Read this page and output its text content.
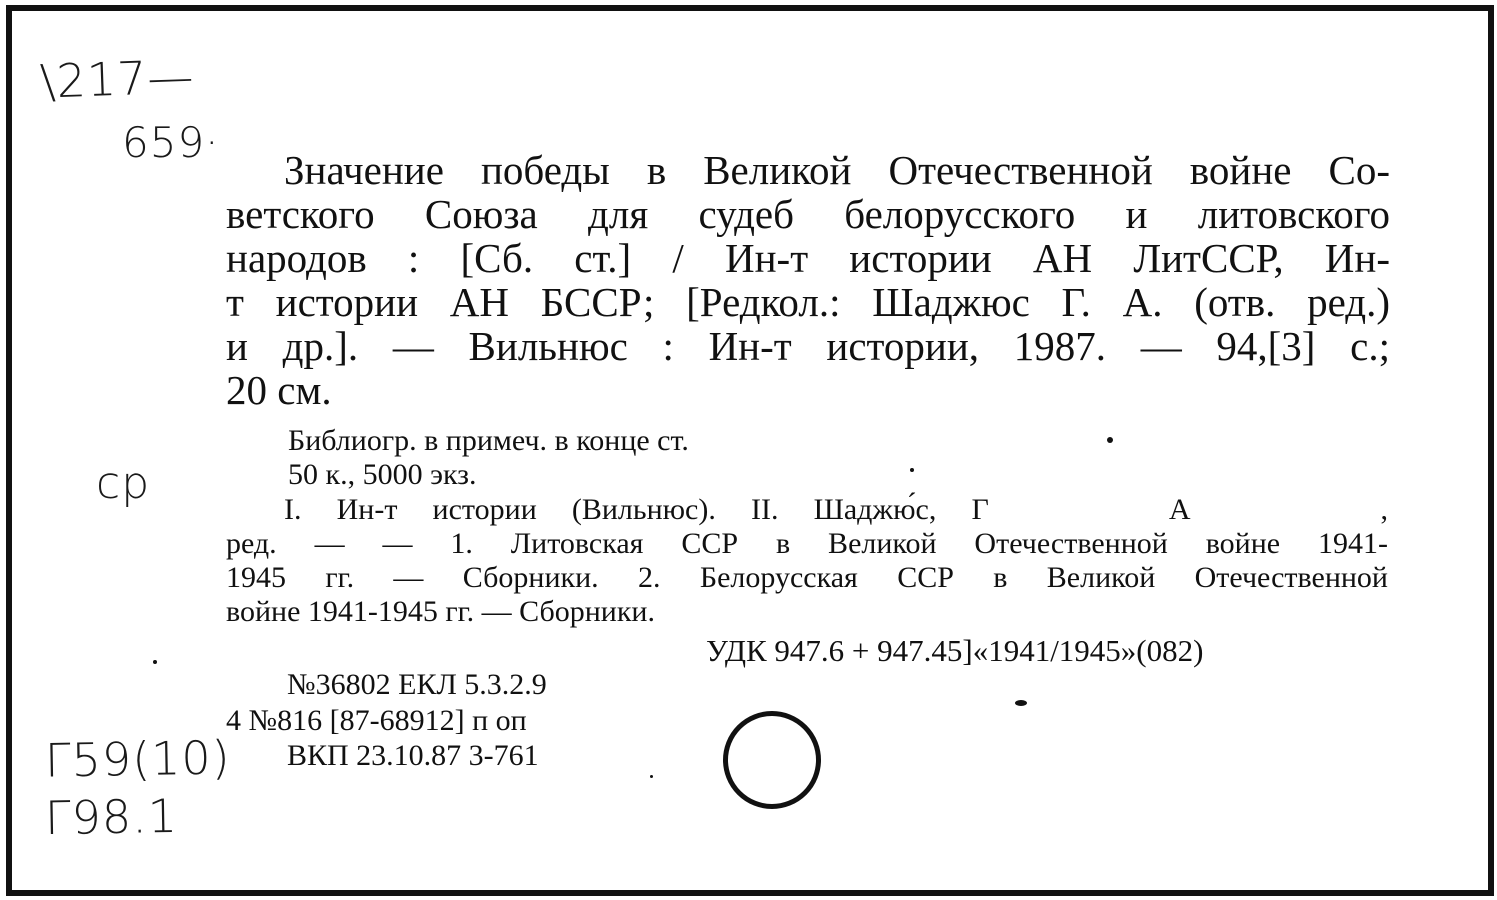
\217—
659·
cp
Г59(10)
Г98.1
Значение победы в Великой Отечественной войне Со-
ветского Союза для судеб белорусского и литовского
народов : [Сб. ст.] / Ин-т истории АН ЛитССР, Ин-
т истории АН БССР; [Редкол.: Шаджюс Г. А. (отв. ред.)
и др.]. — Вильнюс : Ин-т истории, 1987. — 94,[3] с.;
20 см.
Библиогр. в примеч. в конце ст.
50 к., 5000 экз.
I. Ин-т истории (Вильнюс). II. Шаджю́с, Г	А	,
ред. — — 1. Литовская ССР в Великой Отечественной войне 1941-
1945 гг. — Сборники. 2. Белорусская ССР в Великой Отечественной
войне 1941-1945 гг. — Сборники.
УДК 947.6 + 947.45]«1941/1945»(082)
№36802 ЕКЛ 5.3.2.9
4 №816 [87-68912] п оп
ВКП 23.10.87 3-761
